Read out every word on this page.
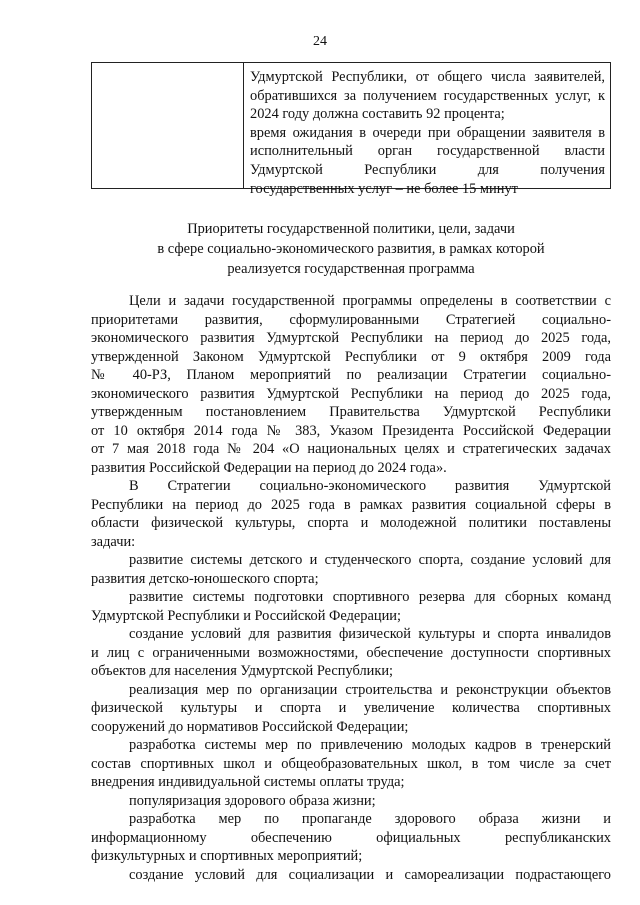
24
Удмуртской Республики, от общего числа заявителей,
обратившихся за получением государственных услуг, к
2024 году должна составить 92 процента;
время ожидания в очереди при обращении заявителя в
исполнительный орган государственной власти
Удмуртской Республики для получения
государственных услуг – не более 15 минут
Приоритеты государственной политики, цели, задачи
в сфере социально-экономического развития, в рамках которой
реализуется государственная программа
Цели и задачи государственной программы определены в соответствии с
приоритетами развития, сформулированными Стратегией социально-
экономического развития Удмуртской Республики на период до 2025 года,
утвержденной Законом Удмуртской Республики от 9 октября 2009 года
№ 40-РЗ, Планом мероприятий по реализации Стратегии социально-
экономического развития Удмуртской Республики на период до 2025 года,
утвержденным постановлением Правительства Удмуртской Республики
от 10 октября 2014 года № 383, Указом Президента Российской Федерации
от 7 мая 2018 года № 204 «О национальных целях и стратегических задачах
развития Российской Федерации на период до 2024 года».
В Стратегии социально-экономического развития Удмуртской
Республики на период до 2025 года в рамках развития социальной сферы в
области физической культуры, спорта и молодежной политики поставлены
задачи:
развитие системы детского и студенческого спорта, создание условий для
развития детско-юношеского спорта;
развитие системы подготовки спортивного резерва для сборных команд
Удмуртской Республики и Российской Федерации;
создание условий для развития физической культуры и спорта инвалидов
и лиц с ограниченными возможностями, обеспечение доступности спортивных
объектов для населения Удмуртской Республики;
реализация мер по организации строительства и реконструкции объектов
физической культуры и спорта и увеличение количества спортивных
сооружений до нормативов Российской Федерации;
разработка системы мер по привлечению молодых кадров в тренерский
состав спортивных школ и общеобразовательных школ, в том числе за счет
внедрения индивидуальной системы оплаты труда;
популяризация здорового образа жизни;
разработка мер по пропаганде здорового образа жизни и
информационному обеспечению официальных республиканских
физкультурных и спортивных мероприятий;
создание условий для социализации и самореализации подрастающего
